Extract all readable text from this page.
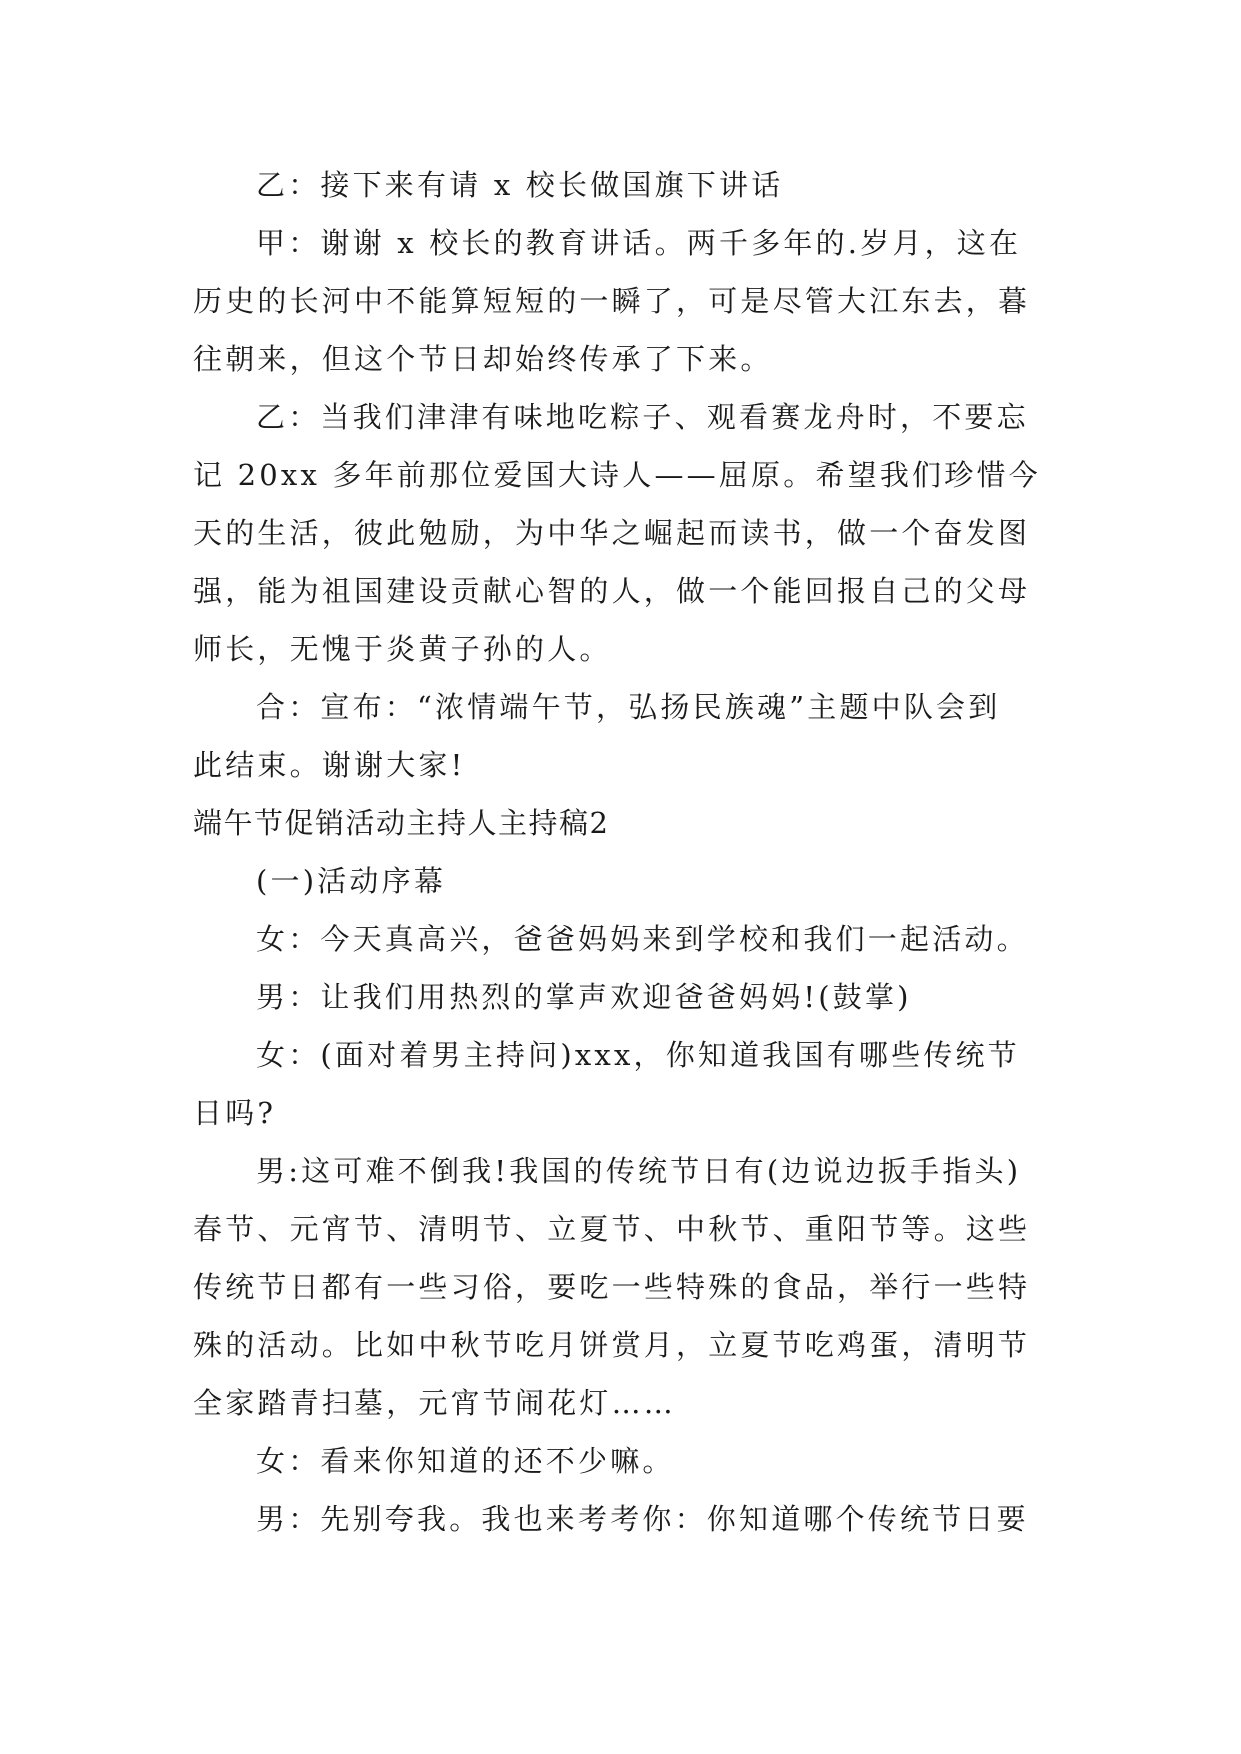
乙：接下来有请 x 校长做国旗下讲话
甲：谢谢 x 校长的教育讲话。两千多年的.岁月，这在
历史的长河中不能算短短的一瞬了，可是尽管大江东去，暮
往朝来，但这个节日却始终传承了下来。
乙：当我们津津有味地吃粽子、观看赛龙舟时，不要忘
记 20xx 多年前那位爱国大诗人——屈原。希望我们珍惜今
天的生活，彼此勉励，为中华之崛起而读书，做一个奋发图
强，能为祖国建设贡献心智的人，做一个能回报自己的父母
师长，无愧于炎黄子孙的人。
合：宣布：“浓情端午节，弘扬民族魂”主题中队会到
此结束。谢谢大家!
端午节促销活动主持人主持稿2
(一)活动序幕
女：今天真高兴，爸爸妈妈来到学校和我们一起活动。
男：让我们用热烈的掌声欢迎爸爸妈妈!(鼓掌)
女：(面对着男主持问)xxx，你知道我国有哪些传统节
日吗?
男:这可难不倒我!我国的传统节日有(边说边扳手指头)
春节、元宵节、清明节、立夏节、中秋节、重阳节等。这些
传统节日都有一些习俗，要吃一些特殊的食品，举行一些特
殊的活动。比如中秋节吃月饼赏月，立夏节吃鸡蛋，清明节
全家踏青扫墓，元宵节闹花灯……
女：看来你知道的还不少嘛。
男：先别夸我。我也来考考你：你知道哪个传统节日要
